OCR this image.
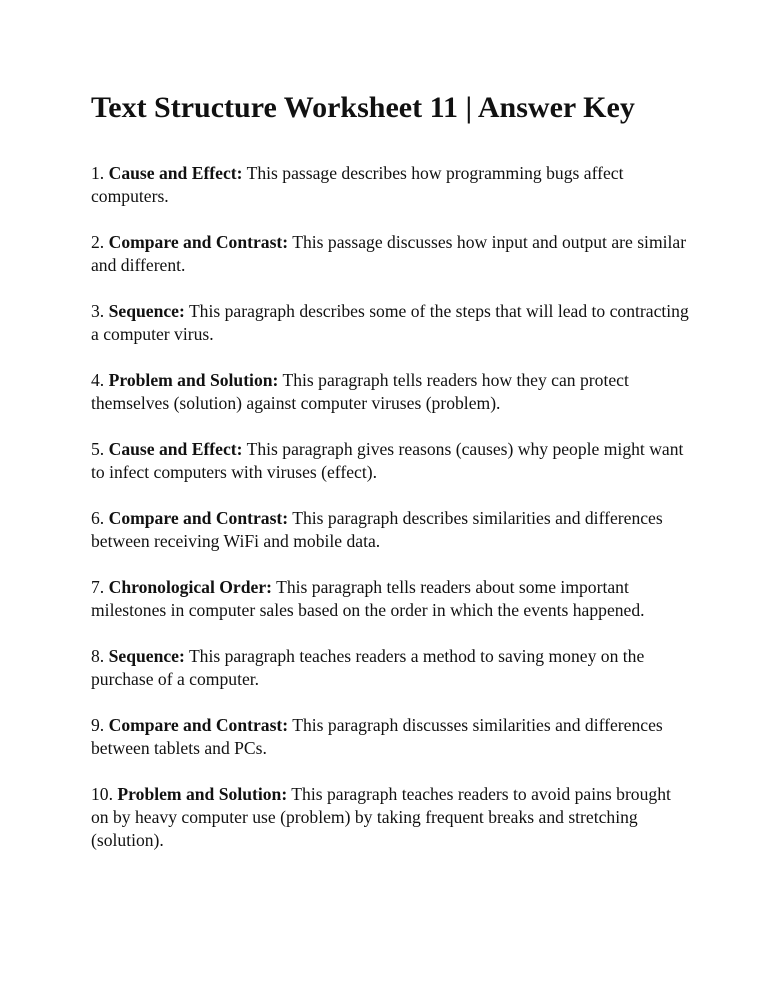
Text Structure Worksheet 11 | Answer Key
1. Cause and Effect: This passage describes how programming bugs affect computers.
2. Compare and Contrast: This passage discusses how input and output are similar and different.
3. Sequence: This paragraph describes some of the steps that will lead to contracting a computer virus.
4. Problem and Solution: This paragraph tells readers how they can protect themselves (solution) against computer viruses (problem).
5. Cause and Effect: This paragraph gives reasons (causes) why people might want to infect computers with viruses (effect).
6. Compare and Contrast: This paragraph describes similarities and differences between receiving WiFi and mobile data.
7. Chronological Order: This paragraph tells readers about some important milestones in computer sales based on the order in which the events happened.
8. Sequence: This paragraph teaches readers a method to saving money on the purchase of a computer.
9. Compare and Contrast: This paragraph discusses similarities and differences between tablets and PCs.
10. Problem and Solution: This paragraph teaches readers to avoid pains brought on by heavy computer use (problem) by taking frequent breaks and stretching (solution).
